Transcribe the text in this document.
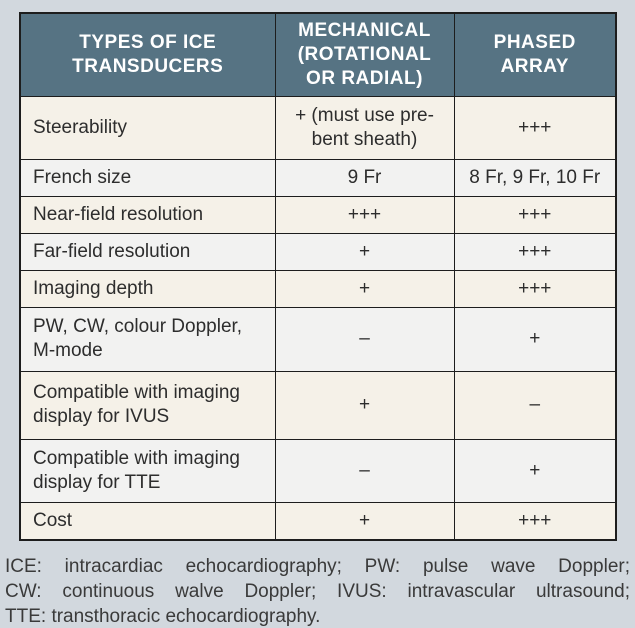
TYPES OF ICE TRANSDUCERS	MECHANICAL (ROTATIONAL OR RADIAL)	PHASED ARRAY
Steerability	+ (must use pre-bent sheath)	+++
French size	9 Fr	8 Fr, 9 Fr, 10 Fr
Near-field resolution	+++	+++
Far-field resolution	+	+++
Imaging depth	+	+++
PW, CW, colour Doppler, M-mode	–	+
Compatible with imaging display for IVUS	+	–
Compatible with imaging display for TTE	–	+
Cost	+	+++
ICE: intracardiac echocardiography; PW: pulse wave Doppler;
CW: continuous walve Doppler; IVUS: intravascular ultrasound;
TTE: transthoracic echocardiography.
